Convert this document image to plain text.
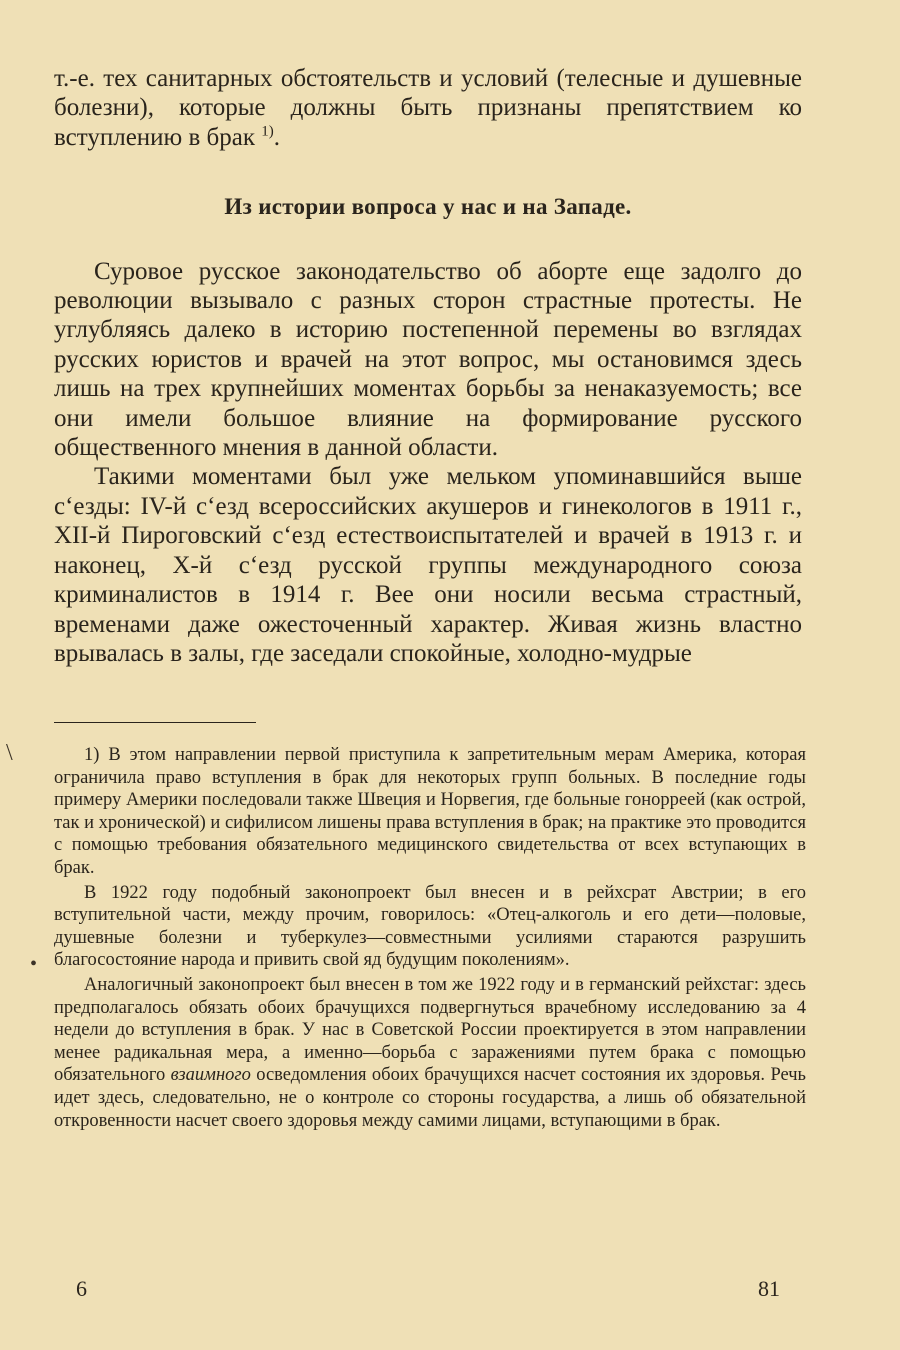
т.-е. тех санитарных обстоятельств и условий (телесные и душевные болезни), которые должны быть признаны препятствием ко вступлению в брак $^{1)}$.

Из истории вопроса у нас и на Западе.

Суровое русское законодательство об аборте еще задолго до революции вызывало с разных сторон страстные протесты. Не углубляясь далеко в историю постепенной перемены во взглядах русских юристов и врачей на этот вопрос, мы остановимся здесь лишь на трех крупнейших моментах борьбы за ненаказуемость; все они имели большое влияние на формирование русского общественного мнения в данной области.

Такими моментами был уже мельком упоминавшийся выше с‘езды: IV-й с‘езд всероссийских акушеров и гинекологов в 1911 г., XII-й Пироговский с‘езд естествоиспытателей и врачей в 1913 г. и наконец, X-й с‘езд русской группы международного союза криминалистов в 1914 г. Вее они носили весьма страстный, временами даже ожесточенный характер. Живая жизнь властно врывалась в залы, где заседали спокойные, холодно-мудрые

1) В этом направлении первой приступила к запретительным мерам Америка, которая ограничила право вступления в брак для некоторых групп больных. В последние годы примеру Америки последовали также Швеция и Норвегия, где больные гонорреей (как острой, так и хронической) и сифилисом лишены права вступления в брак; на практике это проводится с помощью требования обязательного медицинского свидетельства от всех вступающих в брак.

В 1922 году подобный законопроект был внесен и в рейхсрат Австрии; в его вступительной части, между прочим, говорилось: «Отец-алкоголь и его дети—половые, душевные болезни и туберкулез—совместными усилиями стараются разрушить благосостояние народа и привить свой яд будущим поколениям».

Аналогичный законопроект был внесен в том же 1922 году и в германский рейхстаг: здесь предполагалось обязать обоих брачущихся подвергнуться врачебному исследованию за 4 недели до вступления в брак. У нас в Советской России проектируется в этом направлении менее радикальная мера, а именно—борьба с заражениями путем брака с помощью обязательного взаимного осведомления обоих брачущихся насчет состояния их здоровья. Речь идет здесь, следовательно, не о контроле со стороны государства, а лишь об обязательной откровенности насчет своего здоровья между самими лицами, вступающими в брак.

\
•
6	81
